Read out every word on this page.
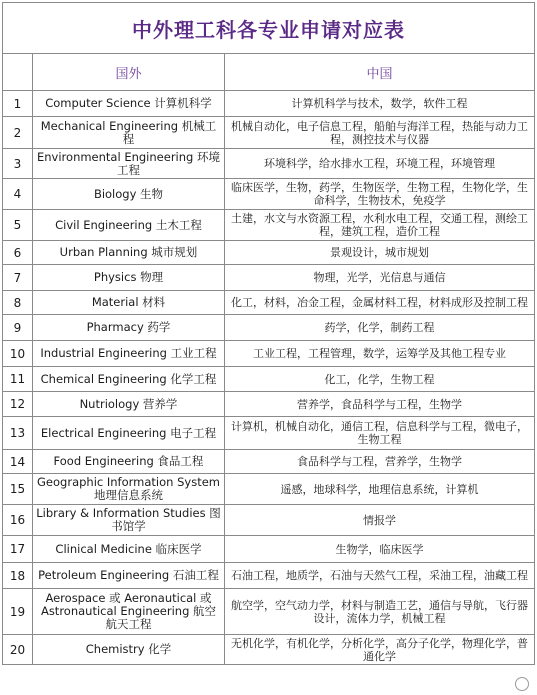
中外理工科各专业申请对应表		
	国外	中国
1	Computer Science 计算机科学	计算机科学与技术，数学，软件工程
2	Mechanical Engineering 机械工程	机械自动化，电子信息工程，船舶与海洋工程，热能与动力工程，测控技术与仪器
3	Environmental Engineering 环境工程	环境科学，给水排水工程，环境工程，环境管理
4	Biology 生物	临床医学，生物，药学，生物医学，生物工程，生物化学，生命科学，生物技术，免疫学
5	Civil Engineering 土木工程	土建，水文与水资源工程，水利水电工程，交通工程，测绘工程，建筑工程，造价工程
6	Urban Planning 城市规划	景观设计，城市规划
7	Physics 物理	物理，光学，光信息与通信
8	Material 材料	化工，材料，冶金工程，金属材料工程，材料成形及控制工程
9	Pharmacy 药学	药学，化学，制药工程
10	Industrial Engineering 工业工程	工业工程，工程管理，数学，运筹学及其他工程专业
11	Chemical Engineering 化学工程	化工，化学，生物工程
12	Nutriology 营养学	营养学，食品科学与工程，生物学
13	Electrical Engineering 电子工程	计算机，机械自动化，通信工程，信息科学与工程，微电子，生物工程
14	Food Engineering 食品工程	食品科学与工程，营养学，生物学
15	Geographic Information System 地理信息系统	遥感，地球科学，地理信息系统，计算机
16	Library & Information Studies 图书馆学	情报学
17	Clinical Medicine 临床医学	生物学，临床医学
18	Petroleum Engineering 石油工程	石油工程，地质学，石油与天然气工程，采油工程，油藏工程
19	Aerospace 或 Aeronautical 或 Astronautical Engineering 航空航天工程	航空学，空气动力学，材料与制造工艺，通信与导航，飞行器设计，流体力学，机械工程
20	Chemistry 化学	无机化学，有机化学，分析化学，高分子化学，物理化学，普通化学
